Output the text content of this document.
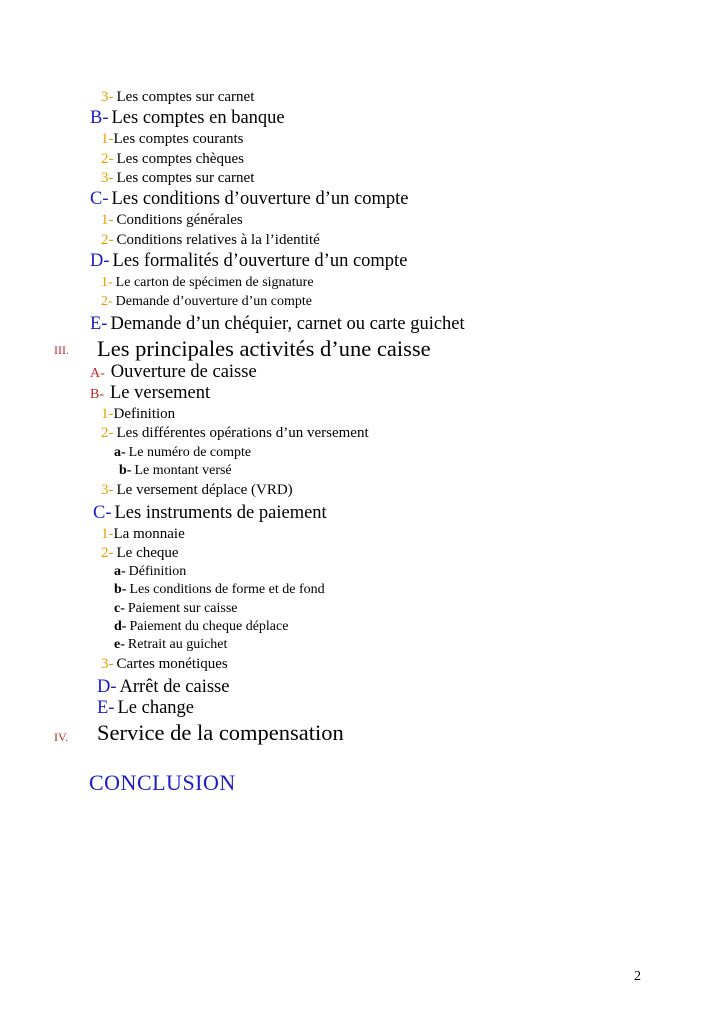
3- Les comptes sur carnet
B- Les comptes en banque
1-Les comptes courants
2- Les comptes chèques
3- Les comptes sur carnet
C- Les conditions d’ouverture d’un compte
1- Conditions générales
2- Conditions relatives à la l’identité
D- Les formalités d’ouverture d’un compte
1- Le carton de spécimen de signature
2- Demande d’ouverture d’un compte
E- Demande d’un chéquier, carnet ou carte guichet
III. Les principales activités d’une caisse
A- Ouverture de caisse
B- Le versement
1-Definition
2- Les différentes opérations d’un versement
a- Le numéro de compte
b- Le montant versé
3- Le versement déplace (VRD)
C- Les instruments de paiement
1-La monnaie
2- Le cheque
a- Définition
b- Les conditions de forme et de fond
c- Paiement sur caisse
d- Paiement du cheque déplace
e- Retrait au guichet
3- Cartes monétiques
D- Arrêt de caisse
E- Le change
IV. Service de la compensation
CONCLUSION
2
